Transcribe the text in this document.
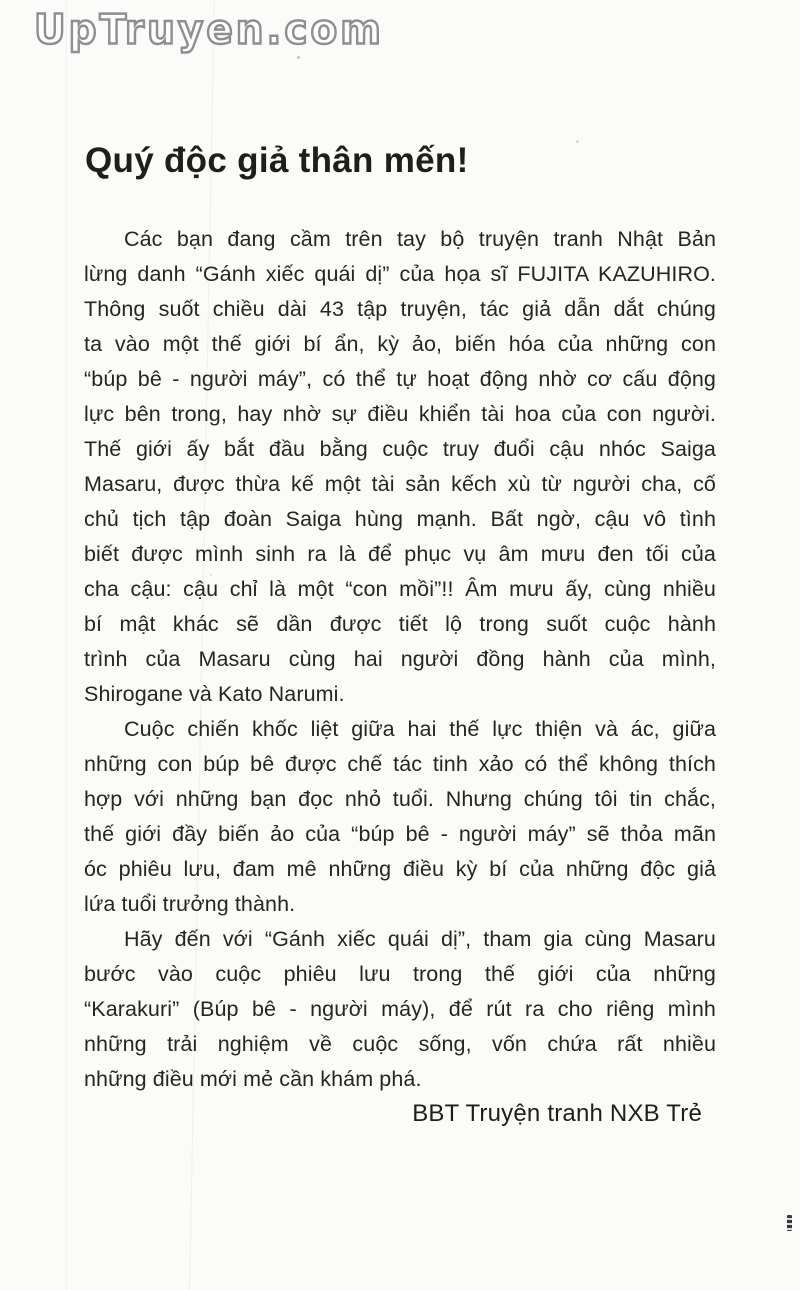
UpTruyen.com
Quý độc giả thân mến!
Các bạn đang cầm trên tay bộ truyện tranh Nhật Bản
lừng danh “Gánh xiếc quái dị” của họa sĩ FUJITA KAZUHIRO.
Thông suốt chiều dài 43 tập truyện, tác giả dẫn dắt chúng
ta vào một thế giới bí ẩn, kỳ ảo, biến hóa của những con
“búp bê - người máy”, có thể tự hoạt động nhờ cơ cấu động
lực bên trong, hay nhờ sự điều khiển tài hoa của con người.
Thế giới ấy bắt đầu bằng cuộc truy đuổi cậu nhóc Saiga
Masaru, được thừa kế một tài sản kếch xù từ người cha, cố
chủ tịch tập đoàn Saiga hùng mạnh. Bất ngờ, cậu vô tình
biết được mình sinh ra là để phục vụ âm mưu đen tối của
cha cậu: cậu chỉ là một “con mồi”!! Âm mưu ấy, cùng nhiều
bí mật khác sẽ dần được tiết lộ trong suốt cuộc hành
trình của Masaru cùng hai người đồng hành của mình,
Shirogane và Kato Narumi.
Cuộc chiến khốc liệt giữa hai thế lực thiện và ác, giữa
những con búp bê được chế tác tinh xảo có thể không thích
hợp với những bạn đọc nhỏ tuổi. Nhưng chúng tôi tin chắc,
thế giới đầy biến ảo của “búp bê - người máy” sẽ thỏa mãn
óc phiêu lưu, đam mê những điều kỳ bí của những độc giả
lứa tuổi trưởng thành.
Hãy đến với “Gánh xiếc quái dị”, tham gia cùng Masaru
bước vào cuộc phiêu lưu trong thế giới của những
“Karakuri” (Búp bê - người máy), để rút ra cho riêng mình
những trải nghiệm về cuộc sống, vốn chứa rất nhiều
những điều mới mẻ cần khám phá.
BBT Truyện tranh NXB Trẻ
